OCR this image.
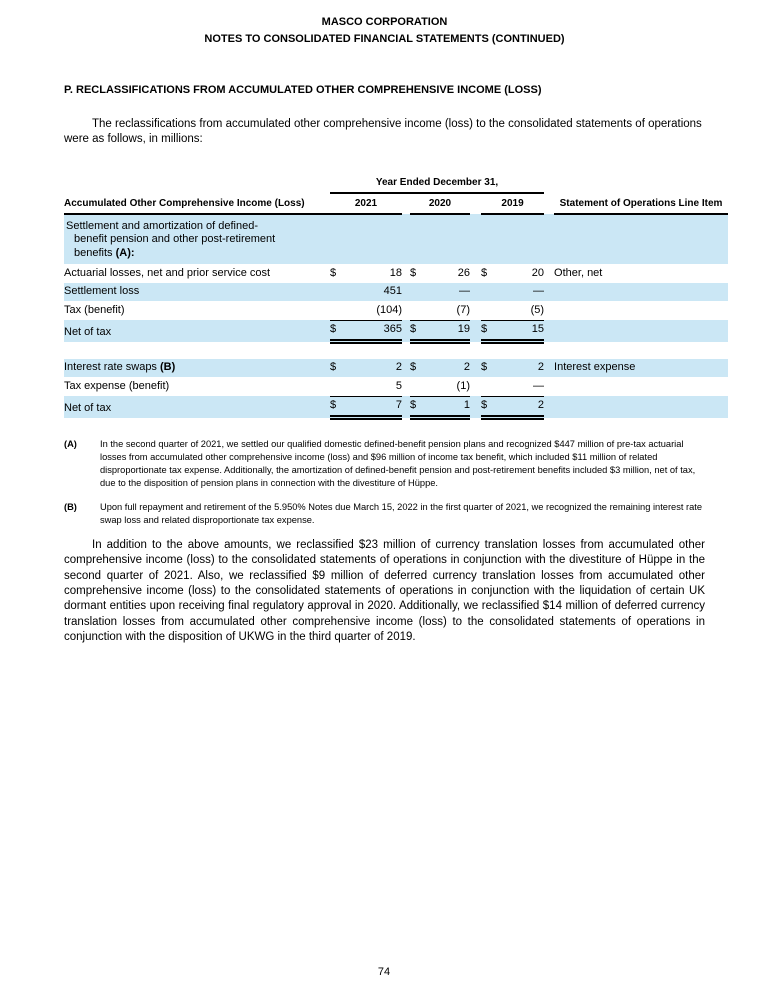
MASCO CORPORATION
NOTES TO CONSOLIDATED FINANCIAL STATEMENTS (CONTINUED)
P. RECLASSIFICATIONS FROM ACCUMULATED OTHER COMPREHENSIVE INCOME (LOSS)
The reclassifications from accumulated other comprehensive income (loss) to the consolidated statements of operations were as follows, in millions:
	Year Ended December 31,									Statement of Operations Line Item
Accumulated Other Comprehensive Income (Loss)	2021			2020			2019			

Settlement and amortization of defined-benefit pension and other post-retirement benefits (A):										

Actuarial losses, net and prior service cost	$	18		$	26		$	20		Other, net
Settlement loss		451			—			—		
Tax (benefit)		(104)			(7)			(5)		
Net of tax	$	365		$	19		$	15		

Interest rate swaps (B)	$	2		$	2		$	2		Interest expense
Tax expense (benefit)		5			(1)			—		
Net of tax	$	7		$	1		$	2		
(A)	In the second quarter of 2021, we settled our qualified domestic defined-benefit pension plans and recognized $447 million of pre-tax actuarial losses from accumulated other comprehensive income (loss) and $96 million of income tax benefit, which included $11 million of related disproportionate tax expense. Additionally, the amortization of defined-benefit pension and post-retirement benefits included $3 million, net of tax, due to the disposition of pension plans in connection with the divestiture of Hüppe.
(B)	Upon full repayment and retirement of the 5.950% Notes due March 15, 2022 in the first quarter of 2021, we recognized the remaining interest rate swap loss and related disproportionate tax expense.
In addition to the above amounts, we reclassified $23 million of currency translation losses from accumulated other comprehensive income (loss) to the consolidated statements of operations in conjunction with the divestiture of Hüppe in the second quarter of 2021. Also, we reclassified $9 million of deferred currency translation losses from accumulated other comprehensive income (loss) to the consolidated statements of operations in conjunction with the liquidation of certain UK dormant entities upon receiving final regulatory approval in 2020. Additionally, we reclassified $14 million of deferred currency translation losses from accumulated other comprehensive income (loss) to the consolidated statements of operations in conjunction with the disposition of UKWG in the third quarter of 2019.
74
